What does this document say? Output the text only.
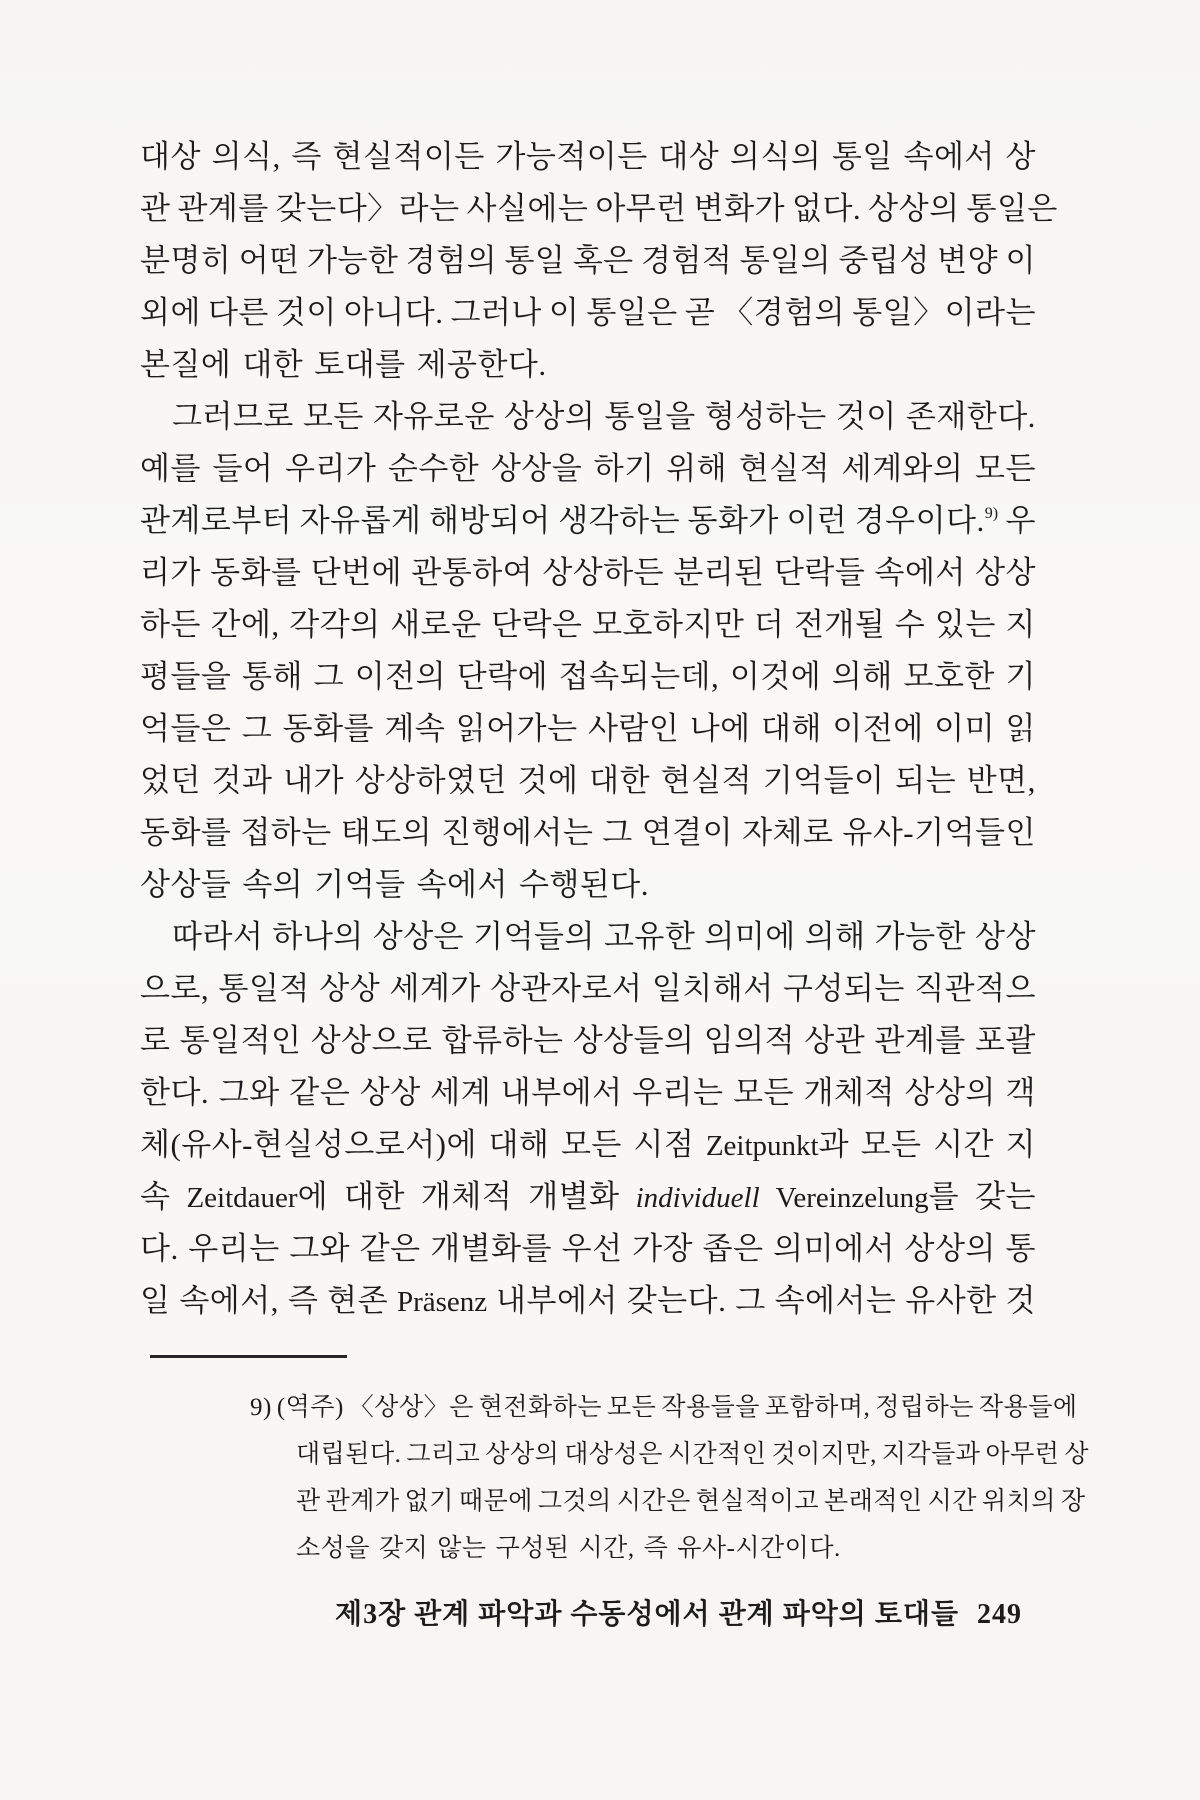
대상 의식, 즉 현실적이든 가능적이든 대상 의식의 통일 속에서 상
관 관계를 갖는다〉라는 사실에는 아무런 변화가 없다. 상상의 통일은
분명히 어떤 가능한 경험의 통일 혹은 경험적 통일의 중립성 변양 이
외에 다른 것이 아니다. 그러나 이 통일은 곧 〈경험의 통일〉이라는
본질에 대한 토대를 제공한다.
그러므로 모든 자유로운 상상의 통일을 형성하는 것이 존재한다.
예를 들어 우리가 순수한 상상을 하기 위해 현실적 세계와의 모든
관계로부터 자유롭게 해방되어 생각하는 동화가 이런 경우이다.$^{9)}$ 우
리가 동화를 단번에 관통하여 상상하든 분리된 단락들 속에서 상상
하든 간에, 각각의 새로운 단락은 모호하지만 더 전개될 수 있는 지
평들을 통해 그 이전의 단락에 접속되는데, 이것에 의해 모호한 기
억들은 그 동화를 계속 읽어가는 사람인 나에 대해 이전에 이미 읽
었던 것과 내가 상상하였던 것에 대한 현실적 기억들이 되는 반면,
동화를 접하는 태도의 진행에서는 그 연결이 자체로 유사-기억들인
상상들 속의 기억들 속에서 수행된다.
따라서 하나의 상상은 기억들의 고유한 의미에 의해 가능한 상상
으로, 통일적 상상 세계가 상관자로서 일치해서 구성되는 직관적으
로 통일적인 상상으로 합류하는 상상들의 임의적 상관 관계를 포괄
한다. 그와 같은 상상 세계 내부에서 우리는 모든 개체적 상상의 객
체(유사-현실성으로서)에 대해 모든 시점 Zeitpunkt과 모든 시간 지
속 Zeitdauer에 대한 개체적 개별화 individuell Vereinzelung를 갖는
다. 우리는 그와 같은 개별화를 우선 가장 좁은 의미에서 상상의 통
일 속에서, 즉 현존 Präsenz 내부에서 갖는다. 그 속에서는 유사한 것
9) (역주) 〈상상〉은 현전화하는 모든 작용들을 포함하며, 정립하는 작용들에
대립된다. 그리고 상상의 대상성은 시간적인 것이지만, 지각들과 아무런 상
관 관계가 없기 때문에 그것의 시간은 현실적이고 본래적인 시간 위치의 장
소성을 갖지 않는 구성된 시간, 즉 유사-시간이다.
제3장 관계 파악과 수동성에서 관계 파악의 토대들 249
